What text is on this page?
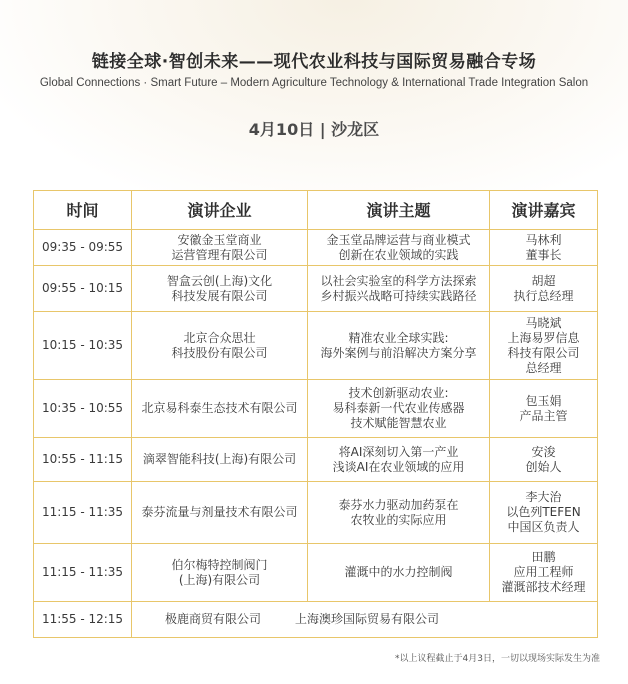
链接全球·智创未来——现代农业科技与国际贸易融合专场
Global Connections · Smart Future – Modern Agriculture Technology & International Trade Integration Salon
4月10日 | 沙龙区
时间	演讲企业	演讲主题	演讲嘉宾
09:35 - 09:55	安徽金玉堂商业
运营管理有限公司	金玉堂品牌运营与商业模式
创新在农业领域的实践	马林利
董事长

09:55 - 10:15	智盒云创(上海)文化
科技发展有限公司	以社会实验室的科学方法探索
乡村振兴战略可持续实践路径	胡超
执行总经理

10:15 - 10:35	北京合众思壮
科技股份有限公司	精准农业全球实践:
海外案例与前沿解决方案分享	马晓斌
上海易罗信息
科技有限公司
总经理

10:35 - 10:55	北京易科泰生态技术有限公司	技术创新驱动农业:
易科泰新一代农业传感器
技术赋能智慧农业	包玉娟
产品主管

10:55 - 11:15	滴翠智能科技(上海)有限公司	将AI深刻切入第一产业
浅谈AI在农业领域的应用	安浚
创始人

11:15 - 11:35	泰芬流量与剂量技术有限公司	泰芬水力驱动加药泵在
农牧业的实际应用	李大治
以色列TEFEN
中国区负责人

11:15 - 11:35	伯尔梅特控制阀门
(上海)有限公司	灌溉中的水力控制阀	田鹏
应用工程师
灌溉部技术经理

11:55 - 12:15	极鹿商贸有限公司 上海澳珍国际贸易有限公司		
*以上议程截止于4月3日，一切以现场实际发生为准
